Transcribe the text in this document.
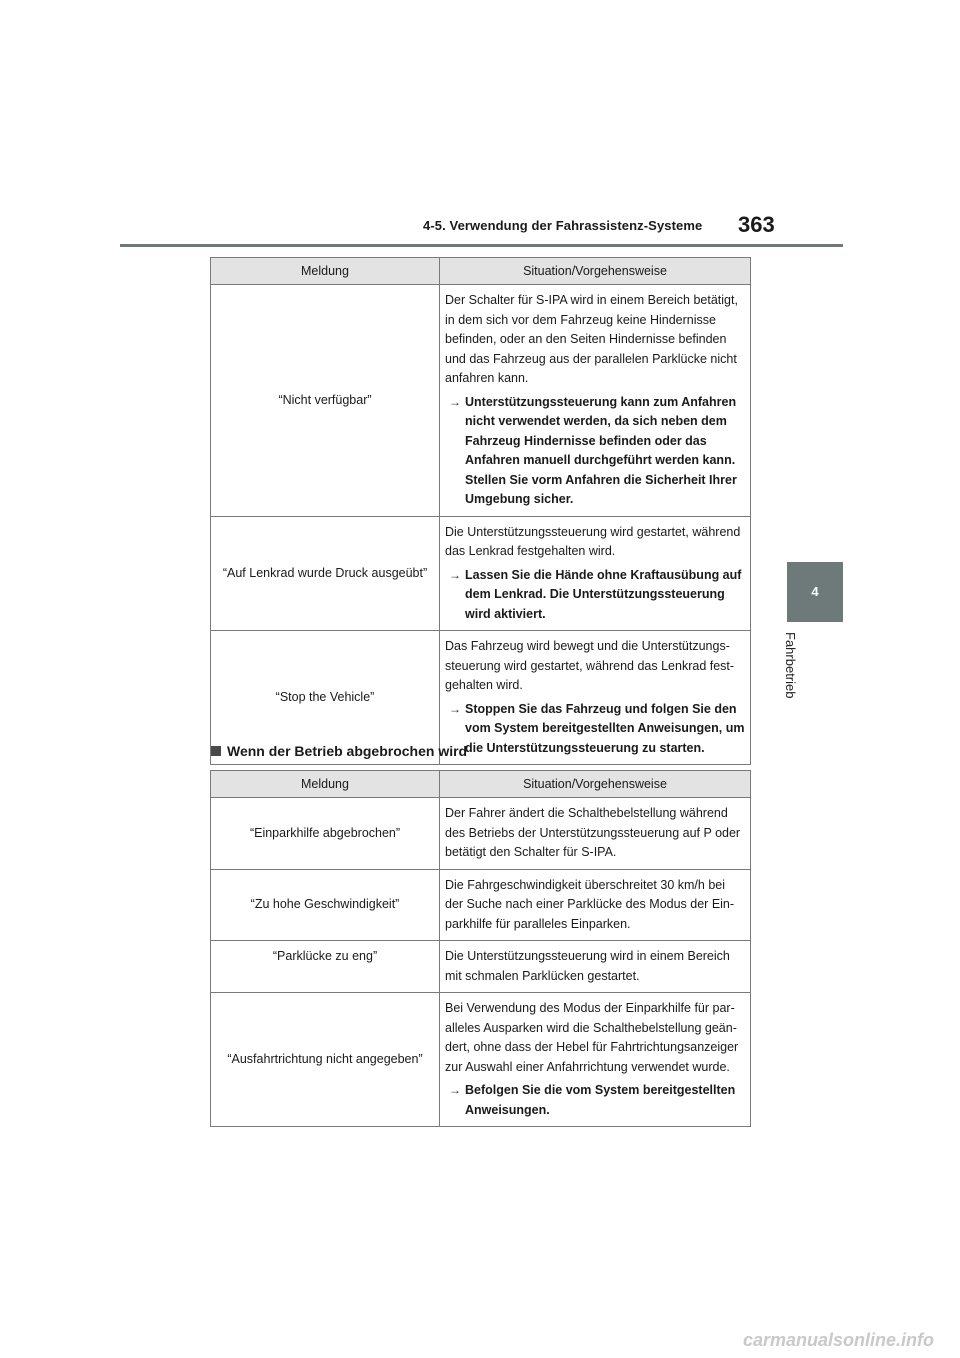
4-5. Verwendung der Fahrassistenz-Systeme 363
4
Fahrbetrieb
Meldung	Situation/Vorgehensweise
“Nicht verfügbar”	Der Schalter für S-IPA wird in einem Bereich betätigt, in dem sich vor dem Fahrzeug keine Hindernisse befinden, oder an den Seiten Hindernisse befinden und das Fahrzeug aus der parallelen Parklücke nicht anfahren kann.

→ Unterstützungssteuerung kann zum Anfahren nicht verwendet werden, da sich neben dem Fahrzeug Hindernisse befinden oder das Anfahren manuell durchgeführt werden kann. Stellen Sie vorm Anfahren die Sicherheit Ihrer Umgebung sicher.

“Auf Lenkrad wurde Druck ausgeübt”	Die Unterstützungssteuerung wird gestartet, während das Lenkrad festgehalten wird.

→ Lassen Sie die Hände ohne Kraftausübung auf dem Lenkrad. Die Unterstützungssteuerung wird aktiviert.

“Stop the Vehicle”	Das Fahrzeug wird bewegt und die Unterstützungs-steuerung wird gestartet, während das Lenkrad fest-gehalten wird.

→ Stoppen Sie das Fahrzeug und folgen Sie den vom System bereitgestellten Anweisungen, um die Unterstützungssteuerung zu starten.
Wenn der Betrieb abgebrochen wird
Meldung	Situation/Vorgehensweise
“Einparkhilfe abgebrochen”	Der Fahrer ändert die Schalthebelstellung während des Betriebs der Unterstützungssteuerung auf P oder betätigt den Schalter für S-IPA.

“Zu hohe Geschwindigkeit”	Die Fahrgeschwindigkeit überschreitet 30 km/h bei der Suche nach einer Parklücke des Modus der Ein-parkhilfe für paralleles Einparken.

“Parklücke zu eng”	Die Unterstützungssteuerung wird in einem Bereich mit schmalen Parklücken gestartet.

“Ausfahrtrichtung nicht angegeben”	Bei Verwendung des Modus der Einparkhilfe für par-alleles Ausparken wird die Schalthebelstellung geän-dert, ohne dass der Hebel für Fahrtrichtungsanzeiger zur Auswahl einer Anfahrrichtung verwendet wurde.

→ Befolgen Sie die vom System bereitgestellten Anweisungen.
carmanualsonline.info
